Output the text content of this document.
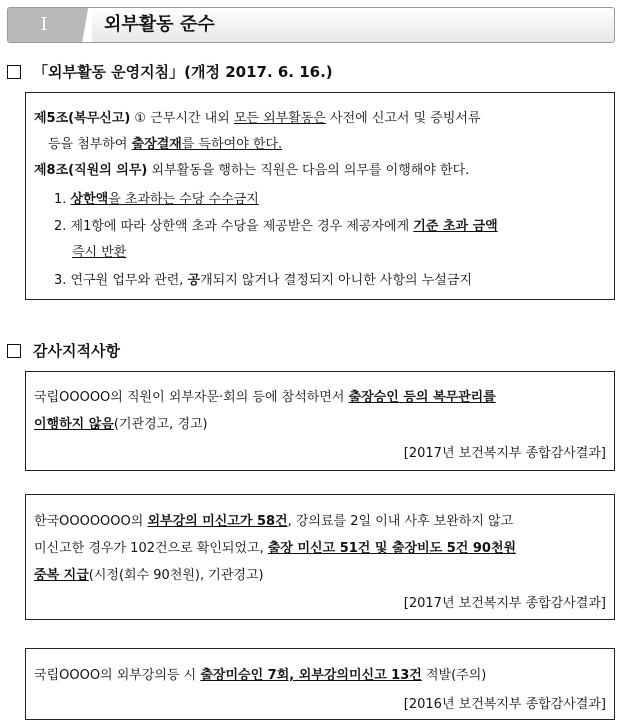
Ⅰ	외부활동 준수
「외부활동 운영지침」(개정 2017. 6. 16.)
제5조(복무신고) ① 근무시간 내외 모든 외부활동은 사전에 신고서 및 증빙서류
등을 첨부하여 출장결재를 득하여야 한다.
제8조(직원의 의무) 외부활동을 행하는 직원은 다음의 의무를 이행해야 한다.
1. 상한액을 초과하는 수당 수수금지
2. 제1항에 따라 상한액 초과 수당을 제공받은 경우 제공자에게 기준 초과 금액
즉시 반환
3. 연구원 업무와 관련, 공개되지 않거나 결정되지 아니한 사항의 누설금지
감사지적사항
국립OOOOO의 직원이 외부자문·회의 등에 참석하면서 출장승인 등의 복무관리를
이행하지 않음(기관경고, 경고)
[2017년 보건복지부 종합감사결과]
한국OOOOOOO의 외부강의 미신고가 58건, 강의료를 2일 이내 사후 보완하지 않고
미신고한 경우가 102건으로 확인되었고, 출장 미신고 51건 및 출장비도 5건 90천원
중복 지급(시정(회수 90천원), 기관경고)
[2017년 보건복지부 종합감사결과]
국립OOOO의 외부강의등 시 출장미승인 7회, 외부강의미신고 13건 적발(주의)
[2016년 보건복지부 종합감사결과]
